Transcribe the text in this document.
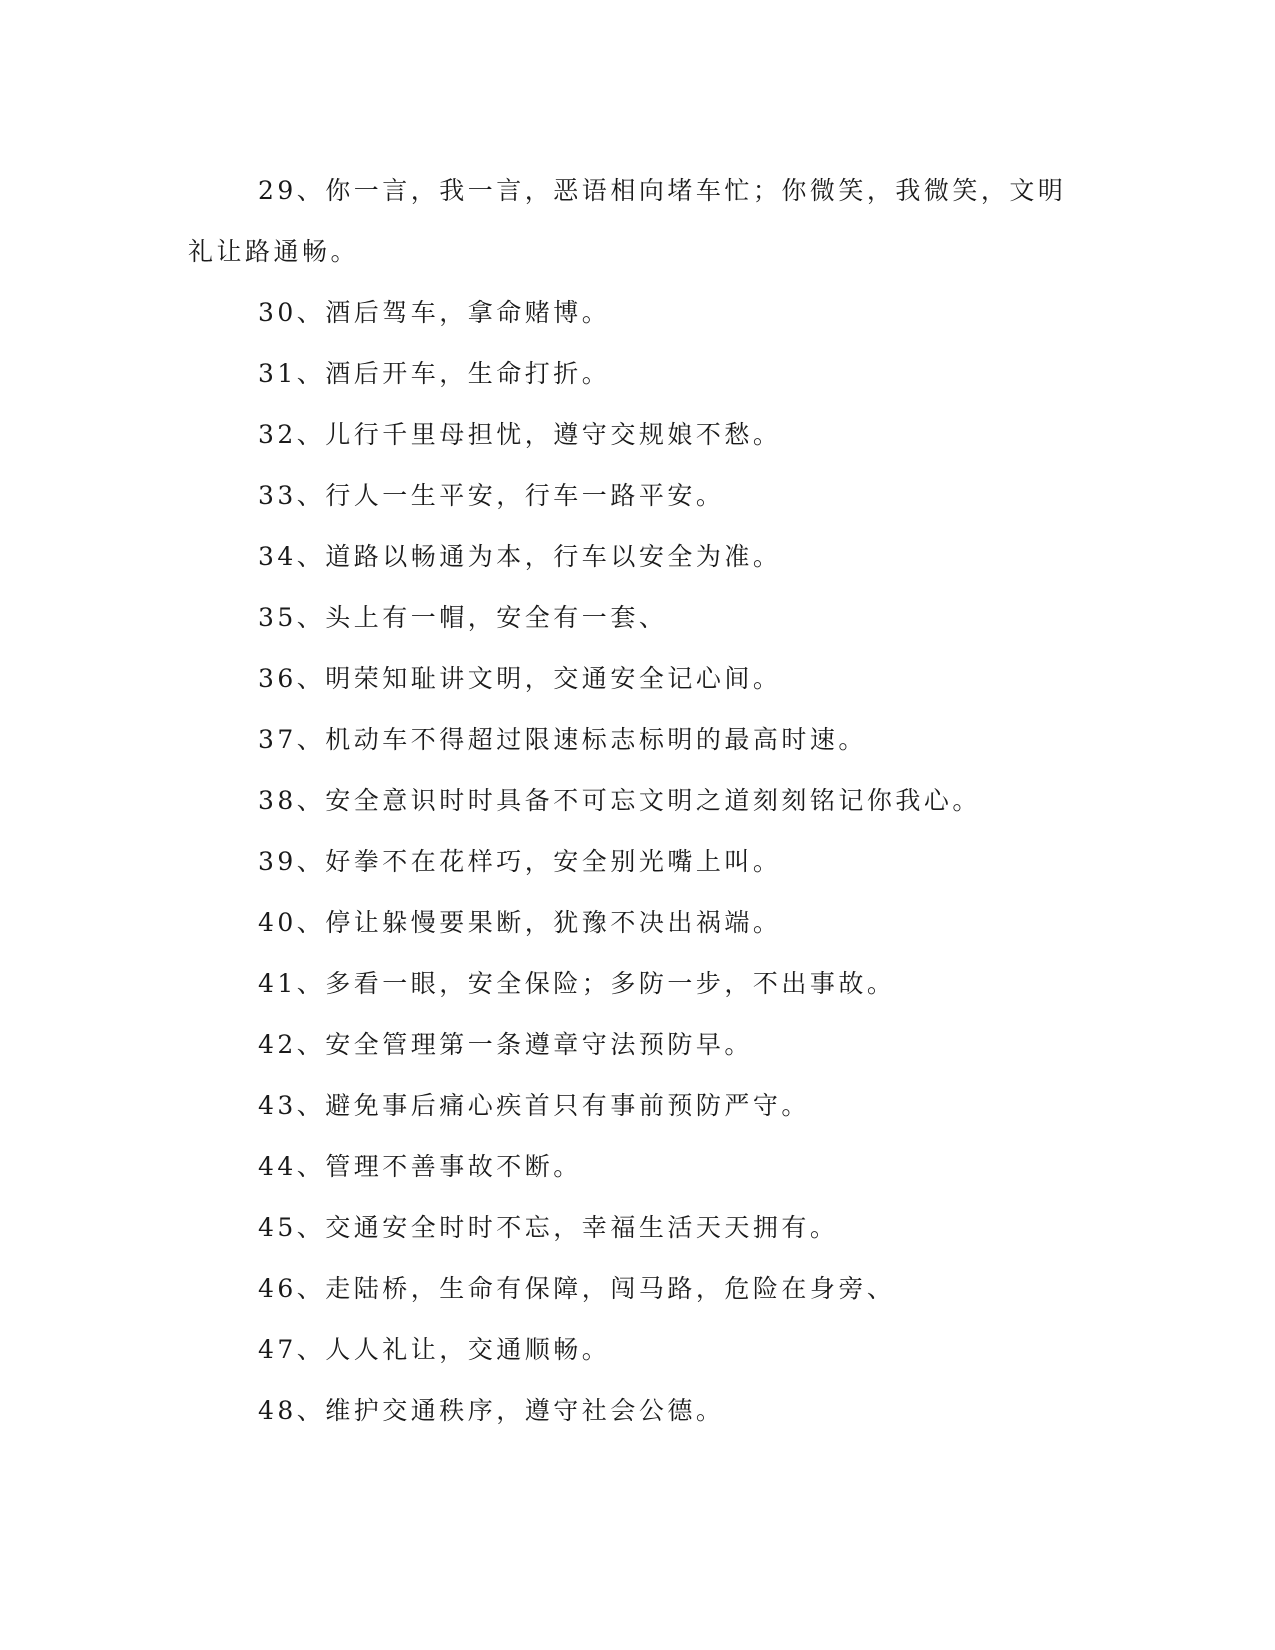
29、你一言，我一言，恶语相向堵车忙；你微笑，我微笑，文明礼让路通畅。

30、酒后驾车，拿命赌博。

31、酒后开车，生命打折。

32、儿行千里母担忧，遵守交规娘不愁。

33、行人一生平安，行车一路平安。

34、道路以畅通为本，行车以安全为准。

35、头上有一帽，安全有一套、

36、明荣知耻讲文明，交通安全记心间。

37、机动车不得超过限速标志标明的最高时速。

38、安全意识时时具备不可忘文明之道刻刻铭记你我心。

39、好拳不在花样巧，安全别光嘴上叫。

40、停让躲慢要果断，犹豫不决出祸端。

41、多看一眼，安全保险；多防一步，不出事故。

42、安全管理第一条遵章守法预防早。

43、避免事后痛心疾首只有事前预防严守。

44、管理不善事故不断。

45、交通安全时时不忘，幸福生活天天拥有。

46、走陆桥，生命有保障，闯马路，危险在身旁、

47、人人礼让，交通顺畅。

48、维护交通秩序，遵守社会公德。
